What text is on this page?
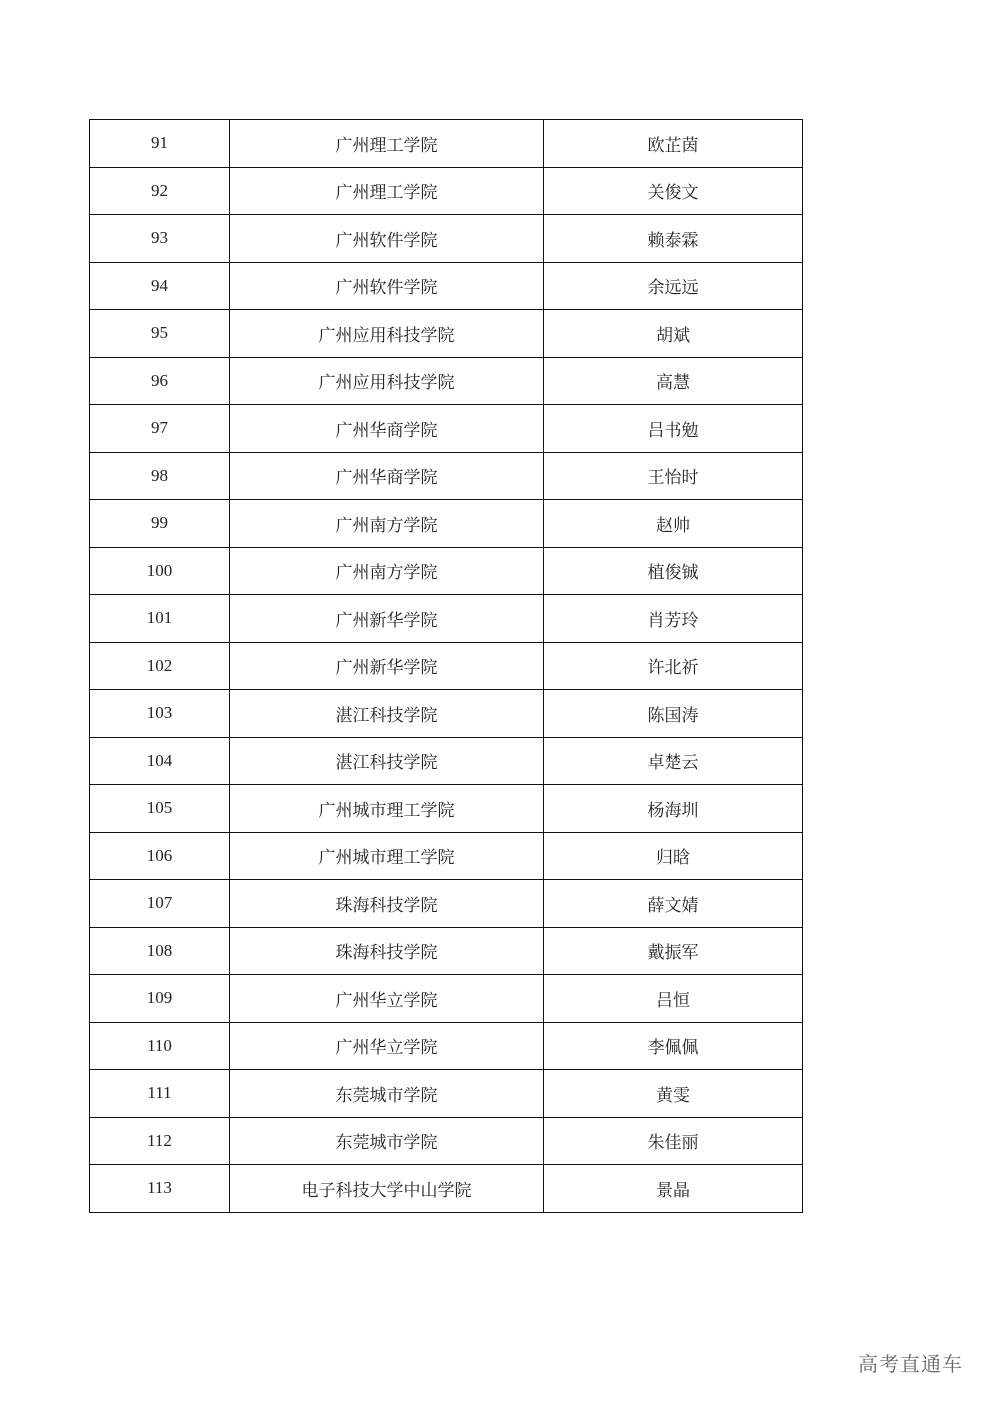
91	广州理工学院	欧芷茵
92	广州理工学院	关俊文
93	广州软件学院	赖泰霖
94	广州软件学院	余远远
95	广州应用科技学院	胡斌
96	广州应用科技学院	高慧
97	广州华商学院	吕书勉
98	广州华商学院	王怡时
99	广州南方学院	赵帅
100	广州南方学院	植俊铖
101	广州新华学院	肖芳玲
102	广州新华学院	许北祈
103	湛江科技学院	陈国涛
104	湛江科技学院	卓楚云
105	广州城市理工学院	杨海圳
106	广州城市理工学院	归晗
107	珠海科技学院	薛文婧
108	珠海科技学院	戴振军
109	广州华立学院	吕恒
110	广州华立学院	李佩佩
111	东莞城市学院	黄雯
112	东莞城市学院	朱佳丽
113	电子科技大学中山学院	景晶
高考直通车
